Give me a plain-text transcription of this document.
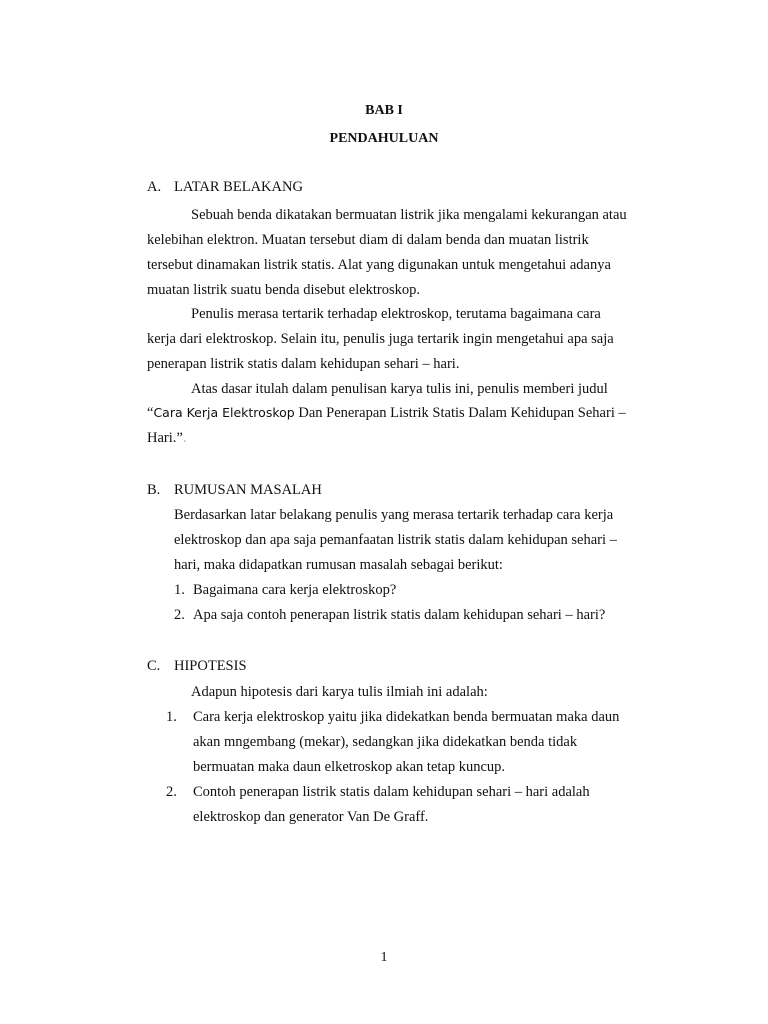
BAB I
PENDAHULUAN
A. LATAR BELAKANG
Sebuah benda dikatakan bermuatan listrik jika mengalami kekurangan atau
kelebihan elektron. Muatan tersebut diam di dalam benda dan muatan listrik
tersebut dinamakan listrik statis. Alat yang digunakan untuk mengetahui adanya
muatan listrik suatu benda disebut elektroskop.
Penulis merasa tertarik terhadap elektroskop, terutama bagaimana cara
kerja dari elektroskop. Selain itu, penulis juga tertarik ingin mengetahui apa saja
penerapan listrik statis dalam kehidupan sehari – hari.
Atas dasar itulah dalam penulisan karya tulis ini, penulis memberi judul
“Cara Kerja Elektroskop Dan Penerapan Listrik Statis Dalam Kehidupan Sehari –
Hari.”.
B. RUMUSAN MASALAH
Berdasarkan latar belakang penulis yang merasa tertarik terhadap cara kerja
elektroskop dan apa saja pemanfaatan listrik statis dalam kehidupan sehari –
hari, maka didapatkan rumusan masalah sebagai berikut:
1. Bagaimana cara kerja elektroskop?
2. Apa saja contoh penerapan listrik statis dalam kehidupan sehari – hari?
C. HIPOTESIS
Adapun hipotesis dari karya tulis ilmiah ini adalah:
1. Cara kerja elektroskop yaitu jika didekatkan benda bermuatan maka daun
akan mngembang (mekar), sedangkan jika didekatkan benda tidak
bermuatan maka daun elketroskop akan tetap kuncup.
2. Contoh penerapan listrik statis dalam kehidupan sehari – hari adalah
elektroskop dan generator Van De Graff.
1
